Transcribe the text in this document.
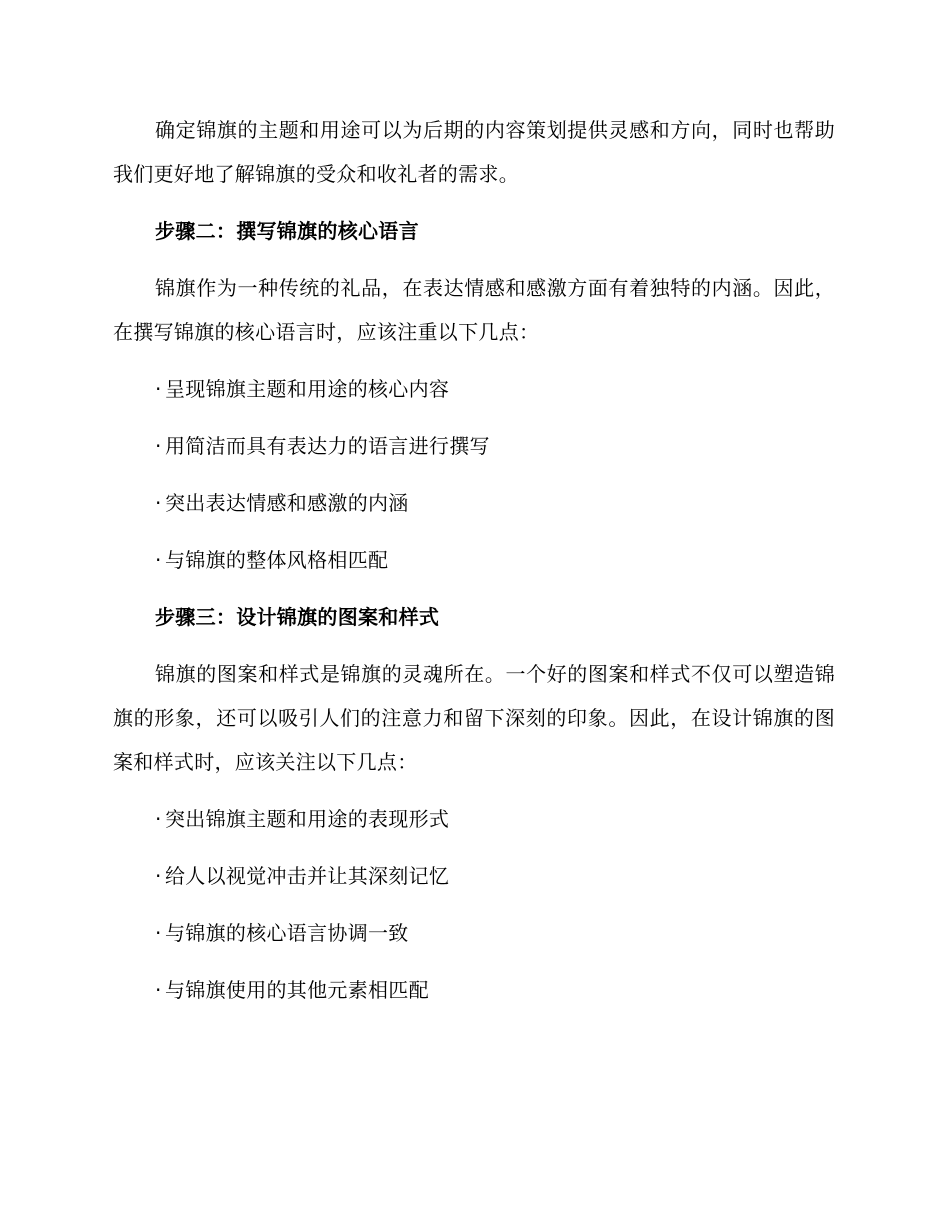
确定锦旗的主题和用途可以为后期的内容策划提供灵感和方向，同时也帮助我们更好地了解锦旗的受众和收礼者的需求。

步骤二：撰写锦旗的核心语言

锦旗作为一种传统的礼品，在表达情感和感激方面有着独特的内涵。因此，在撰写锦旗的核心语言时，应该注重以下几点：

· 呈现锦旗主题和用途的核心内容
· 用简洁而具有表达力的语言进行撰写
· 突出表达情感和感激的内涵
· 与锦旗的整体风格相匹配
步骤三：设计锦旗的图案和样式

锦旗的图案和样式是锦旗的灵魂所在。一个好的图案和样式不仅可以塑造锦旗的形象，还可以吸引人们的注意力和留下深刻的印象。因此，在设计锦旗的图案和样式时，应该关注以下几点：

· 突出锦旗主题和用途的表现形式
· 给人以视觉冲击并让其深刻记忆
· 与锦旗的核心语言协调一致
· 与锦旗使用的其他元素相匹配
